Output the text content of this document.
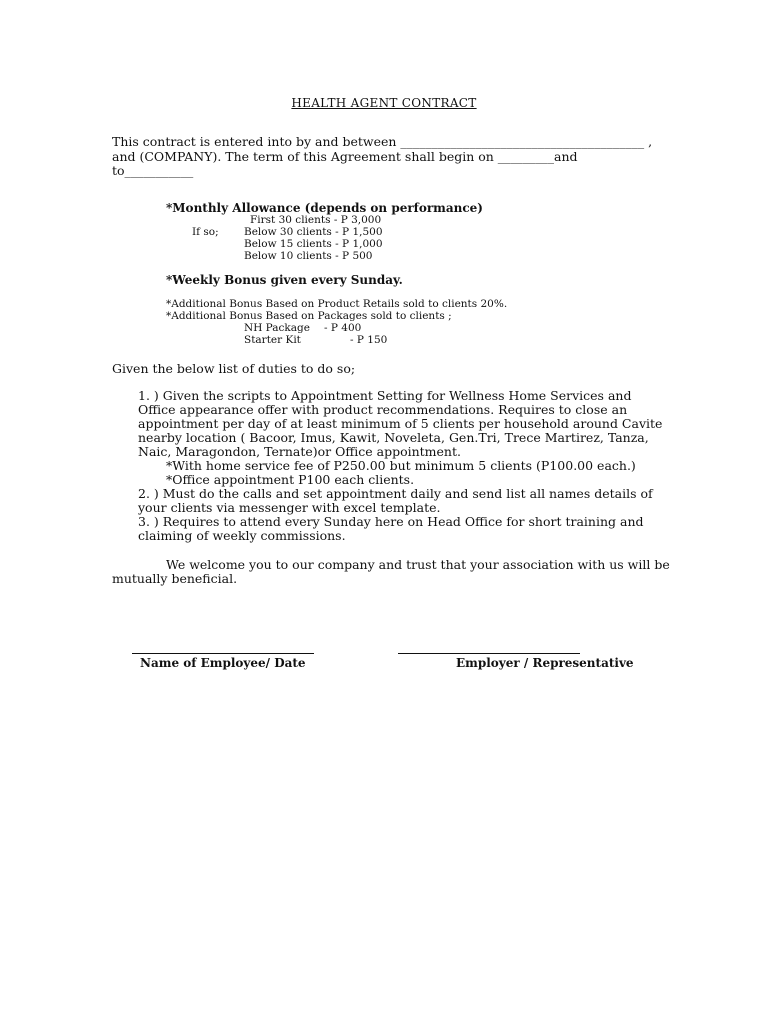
HEALTH AGENT CONTRACT
This contract is entered into by and between _______________________________________ ,
and (COMPANY). The term of this Agreement shall begin on _________and
to___________
*Monthly Allowance (depends on performance)
First 30 clients - P 3,000
If so; Below 30 clients - P 1,500
Below 15 clients - P 1,000
Below 10 clients - P 500
*Weekly Bonus given every Sunday.
*Additional Bonus Based on Product Retails sold to clients 20%.
*Additional Bonus Based on Packages sold to clients ;
NH Package - P 400
Starter Kit	- P 150
Given the below list of duties to do so;
1. ) Given the scripts to Appointment Setting for Wellness Home Services and
Office appearance offer with product recommendations. Requires to close an
appointment per day of at least minimum of 5 clients per household around Cavite
nearby location ( Bacoor, Imus, Kawit, Noveleta, Gen.Tri, Trece Martirez, Tanza,
Naic, Maragondon, Ternate)or Office appointment.
*With home service fee of P250.00 but minimum 5 clients (P100.00 each.)
*Office appointment P100 each clients.
2. ) Must do the calls and set appointment daily and send list all names details of
your clients via messenger with excel template.
3. ) Requires to attend every Sunday here on Head Office for short training and
claiming of weekly commissions.
We welcome you to our company and trust that your association with us will be
mutually beneficial.
Name of Employee/ Date	Employer / Representative
